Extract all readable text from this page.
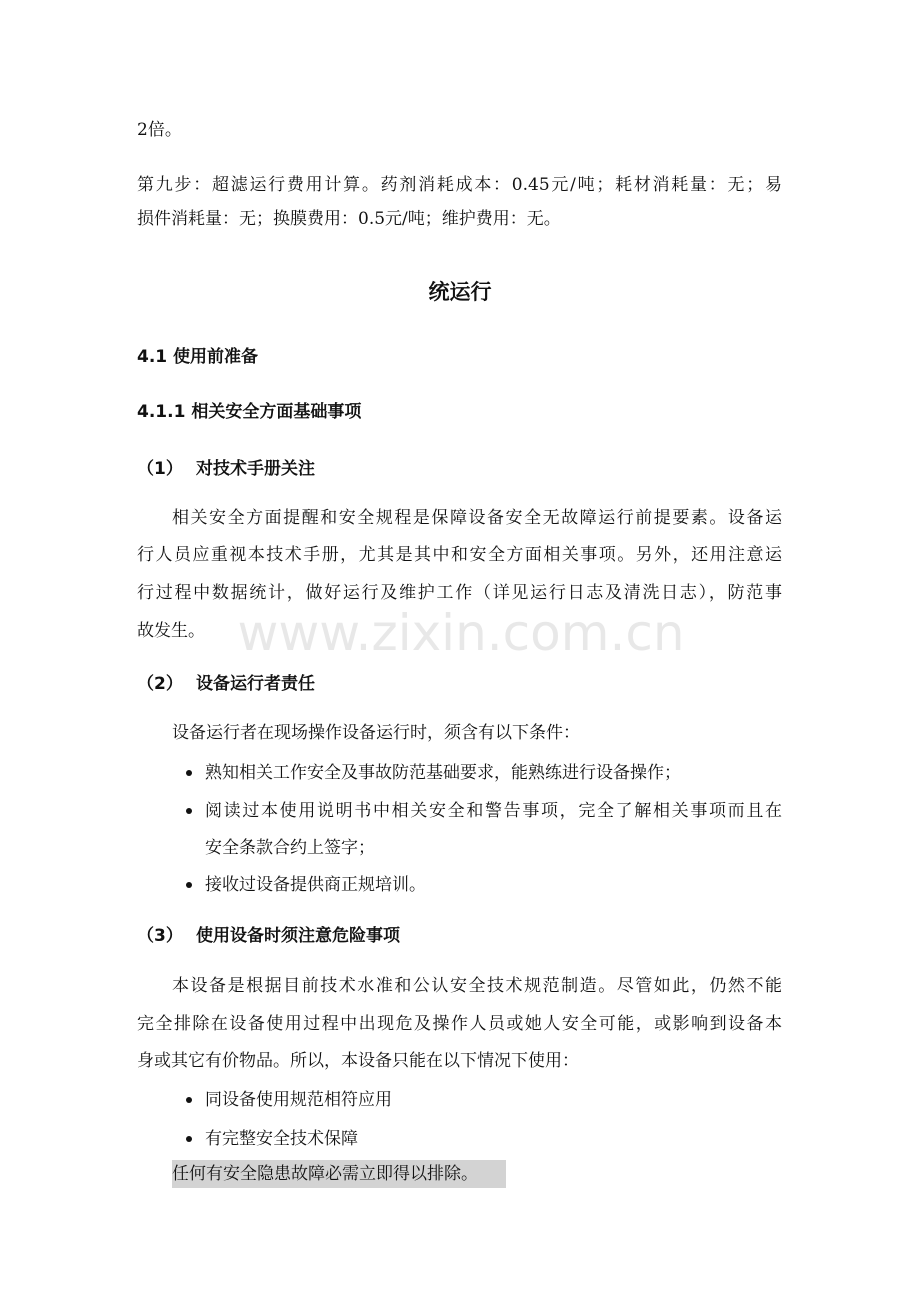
2倍。
第九步：超滤运行费用计算。药剂消耗成本：0.45元/吨；耗材消耗量：无；易
损件消耗量：无；换膜费用：0.5元/吨；维护费用：无。
统运行
4.1 使用前准备
4.1.1 相关安全方面基础事项
（1） 对技术手册关注
相关安全方面提醒和安全规程是保障设备安全无故障运行前提要素。设备运
行人员应重视本技术手册，尤其是其中和安全方面相关事项。另外，还用注意运
行过程中数据统计，做好运行及维护工作（详见运行日志及清洗日志），防范事
故发生。
（2） 设备运行者责任
设备运行者在现场操作设备运行时，须含有以下条件：
熟知相关工作安全及事故防范基础要求，能熟练进行设备操作；
阅读过本使用说明书中相关安全和警告事项，完全了解相关事项而且在
安全条款合约上签字；
接收过设备提供商正规培训。
（3） 使用设备时须注意危险事项
本设备是根据目前技术水准和公认安全技术规范制造。尽管如此，仍然不能
完全排除在设备使用过程中出现危及操作人员或她人安全可能，或影响到设备本
身或其它有价物品。所以，本设备只能在以下情况下使用：
同设备使用规范相符应用
有完整安全技术保障
任何有安全隐患故障必需立即得以排除。
www.zixin.com.cn
